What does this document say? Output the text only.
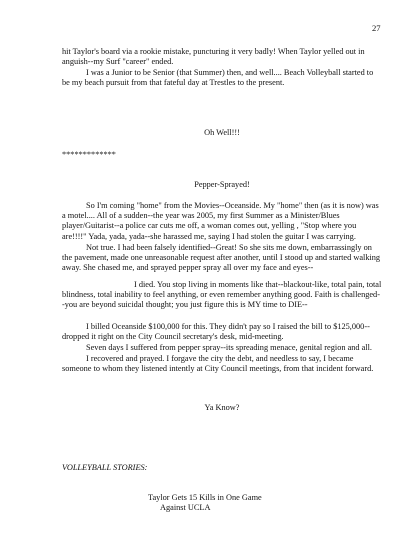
27

hit Taylor's board via a rookie mistake, puncturing it very badly! When Taylor yelled out in anguish--my Surf "career" ended.

I was a Junior to be Senior (that Summer) then, and well.... Beach Volleyball started to be my beach pursuit from that fateful day at Trestles to the present.

Oh Well!!!

*************

Pepper-Sprayed!

So I'm coming "home" from the Movies--Oceanside. My "home" then (as it is now) was a motel.... All of a sudden--the year was 2005, my first Summer as a Minister/Blues player/Guitarist--a police car cuts me off, a woman comes out, yelling , "Stop where you are!!!!" Yada, yada, yada--she harassed me, saying I had stolen the guitar I was carrying.

Not true. I had been falsely identified--Great! So she sits me down, embarrassingly on the pavement, made one unreasonable request after another, until I stood up and started walking away. She chased me, and sprayed pepper spray all over my face and eyes--

I died. You stop living in moments like that--blackout-like, total pain, total blindness, total inability to feel anything, or even remember anything good. Faith is challenged--you are beyond suicidal thought; you just figure this is MY time to DIE--

I billed Oceanside $100,000 for this. They didn't pay so I raised the bill to $125,000--dropped it right on the City Council secretary's desk, mid-meeting.

Seven days I suffered from pepper spray--its spreading menace, genital region and all.

I recovered and prayed. I forgave the city the debt, and needless to say, I became someone to whom they listened intently at City Council meetings, from that incident forward.

Ya Know?

VOLLEYBALL STORIES:

Taylor Gets 15 Kills in One Game

Against UCLA
